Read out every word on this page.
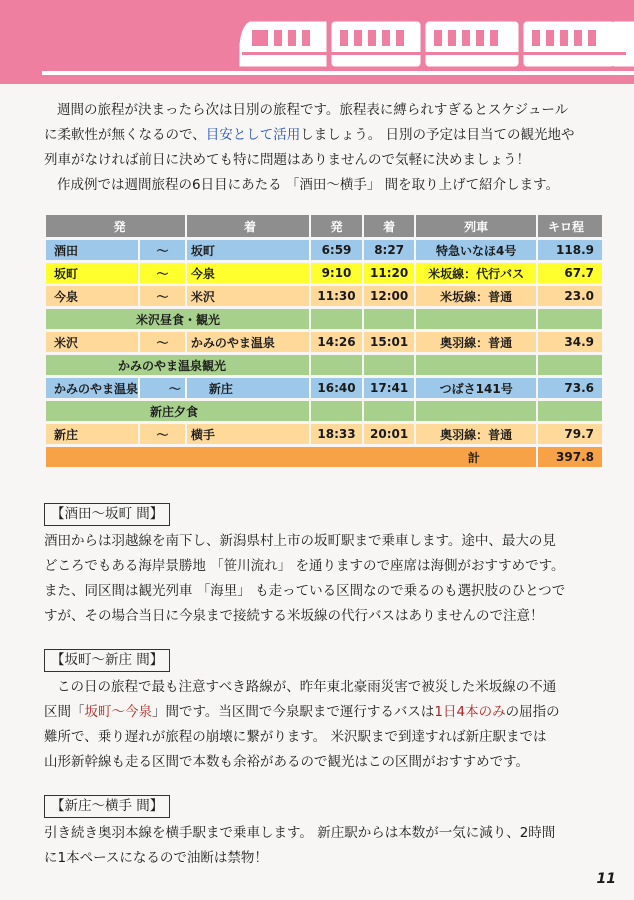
週間の旅程が決まったら次は日別の旅程です。旅程表に縛られすぎるとスケジュール

に柔軟性が無くなるので、目安として活用しましょう。 日別の予定は目当ての観光地や

列車がなければ前日に決めても特に問題はありませんので気軽に決めましょう！

作成例では週間旅程の6日目にあたる 「酒田～横手」 間を取り上げて紹介します。

発		着	発	着	列車	キロ程
酒田	～	坂町	6:59	8:27	特急いなほ4号	118.9
坂町	～	今泉	9:10	11:20	米坂線：代行バス	67.7
今泉	～	米沢	11:30	12:00	米坂線：普通	23.0
米沢昼食・観光						
米沢	～	かみのやま温泉	14:26	15:01	奥羽線：普通	34.9
かみのやま温泉観光						
かみのやま温泉	～	新庄	16:40	17:41	つばさ141号	73.6
新庄夕食						
新庄	～	横手	18:33	20:01	奥羽線：普通	79.7
計						397.8
【酒田～坂町 間】

酒田からは羽越線を南下し、新潟県村上市の坂町駅まで乗車します。途中、最大の見

どころでもある海岸景勝地 「笹川流れ」 を通りますので座席は海側がおすすめです。

また、同区間は観光列車 「海里」 も走っている区間なので乗るのも選択肢のひとつで

すが、その場合当日に今泉まで接続する米坂線の代行バスはありませんので注意！

【坂町～新庄 間】

この日の旅程で最も注意すべき路線が、昨年東北豪雨災害で被災した米坂線の不通

区間「坂町～今泉」間です。当区間で今泉駅まで運行するバスは1日4本のみの屈指の

難所で、乗り遅れが旅程の崩壊に繋がります。 米沢駅まで到達すれば新庄駅までは

山形新幹線も走る区間で本数も余裕があるので観光はこの区間がおすすめです。

【新庄～横手 間】

引き続き奥羽本線を横手駅まで乗車します。 新庄駅からは本数が一気に減り、2時間

に1本ペースになるので油断は禁物！

11
